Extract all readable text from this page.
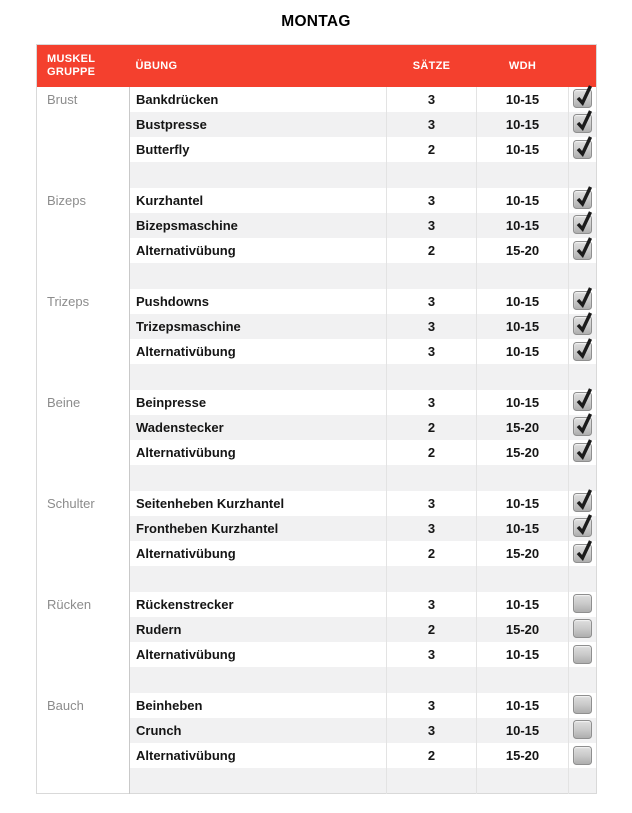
MONTAG
MUSKEL
GRUPPE	ÜBUNG	SÄTZE	WDH	
Brust	Bankdrücken	3	10-15	

	Bustpresse	3	10-15	

	Butterfly	2	10-15	

Bizeps	Kurzhantel	3	10-15	

	Bizepsmaschine	3	10-15	

	Alternativübung	2	15-20	

Trizeps	Pushdowns	3	10-15	

	Trizepsmaschine	3	10-15	

	Alternativübung	3	10-15	

Beine	Beinpresse	3	10-15	

	Wadenstecker	2	15-20	

	Alternativübung	2	15-20	

Schulter	Seitenheben Kurzhantel	3	10-15	

	Frontheben Kurzhantel	3	10-15	

	Alternativübung	2	15-20	

Rücken	Rückenstrecker	3	10-15	
	Rudern	2	15-20	
	Alternativübung	3	10-15	

Bauch	Beinheben	3	10-15	
	Crunch	3	10-15	
	Alternativübung	2	15-20	
